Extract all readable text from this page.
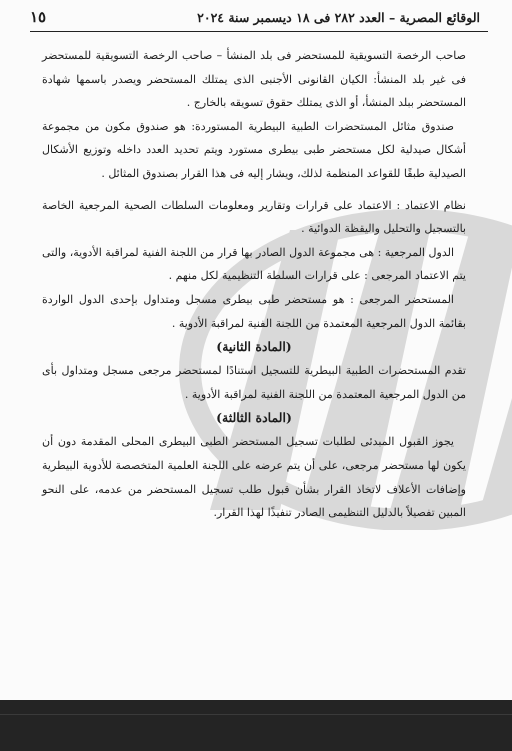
الوقائع المصرية – العدد ٢٨٢ فى ١٨ ديسمبر سنة ٢٠٢٤
١٥

صاحب الرخصة التسويقية للمستحضر فى بلد المنشأ – صاحب الرخصة التسويقية للمستحضر فى غير بلد المنشأ: الكيان القانونى الأجنبى الذى يمتلك المستحضر ويصدر باسمها شهادة المستحضر ببلد المنشأ، أو الذى يمتلك حقوق تسويقه بالخارج .

صندوق مثائل المستحضرات الطبية البيطرية المستوردة: هو صندوق مكون من مجموعة أشكال صيدلية لكل مستحضر طبى بيطرى مستورد ويتم تحديد العدد داخله وتوزيع الأشكال الصيدلية طبقًا للقواعد المنظمة لذلك، ويشار إليه فى هذا القرار بصندوق المثائل .

نظام الاعتماد : الاعتماد على قرارات وتقارير ومعلومات السلطات الصحية المرجعية الخاصة بالتسجيل والتحليل واليقظة الدوائية .

الدول المرجعية : هى مجموعة الدول الصادر بها قرار من اللجنة الفنية لمراقبة الأدوية، والتى يتم الاعتماد المرجعى : على قرارات السلطة التنظيمية لكل منهم .

المستحضر المرجعى : هو مستحضر طبى بيطرى مسجل ومتداول بإحدى الدول الواردة بقائمة الدول المرجعية المعتمدة من اللجنة الفنية لمراقبة الأدوية .

(المادة الثانية)

تقدم المستحضرات الطبية البيطرية للتسجيل استنادًا لمستحضر مرجعى مسجل ومتداول بأى من الدول المرجعية المعتمدة من اللجنة الفنية لمراقبة الأدوية .

(المادة الثالثة)

يجوز القبول المبدئى لطلبات تسجيل المستحضر الطبى البيطرى المحلى المقدمة دون أن يكون لها مستحضر مرجعى، على أن يتم عرضه على اللجنة العلمية المتخصصة للأدوية البيطرية وإضافات الأعلاف لاتخاذ القرار بشأن قبول طلب تسجيل المستحضر من عدمه، على النحو المبين تفصيلاً بالدليل التنظيمى الصادر تنفيذًا لهذا القرار.
